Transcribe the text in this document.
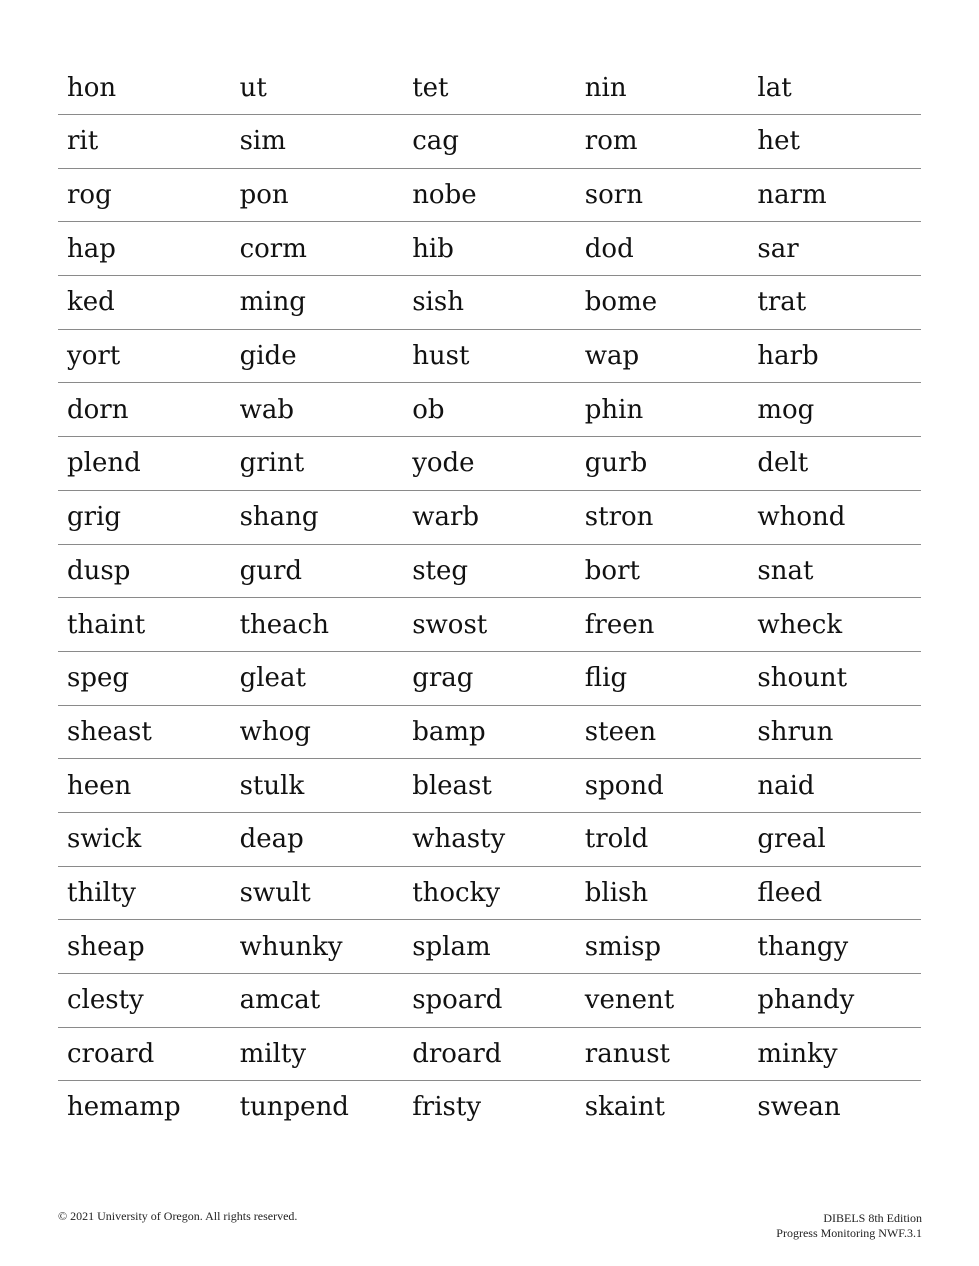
hon	ut	tet	nin	lat
rit	sim	cag	rom	het
rog	pon	nobe	sorn	narm
hap	corm	hib	dod	sar
ked	ming	sish	bome	trat
yort	gide	hust	wap	harb
dorn	wab	ob	phin	mog
plend	grint	yode	gurb	delt
grig	shang	warb	stron	whond
dusp	gurd	steg	bort	snat
thaint	theach	swost	freen	wheck
speg	gleat	grag	flig	shount
sheast	whog	bamp	steen	shrun
heen	stulk	bleast	spond	naid
swick	deap	whasty	trold	greal
thilty	swult	thocky	blish	fleed
sheap	whunky	splam	smisp	thangy
clesty	amcat	spoard	venent	phandy
croard	milty	droard	ranust	minky
hemamp	tunpend	fristy	skaint	swean
© 2021 University of Oregon. All rights reserved.	DIBELS 8th Edition
Progress Monitoring NWF.3.1
